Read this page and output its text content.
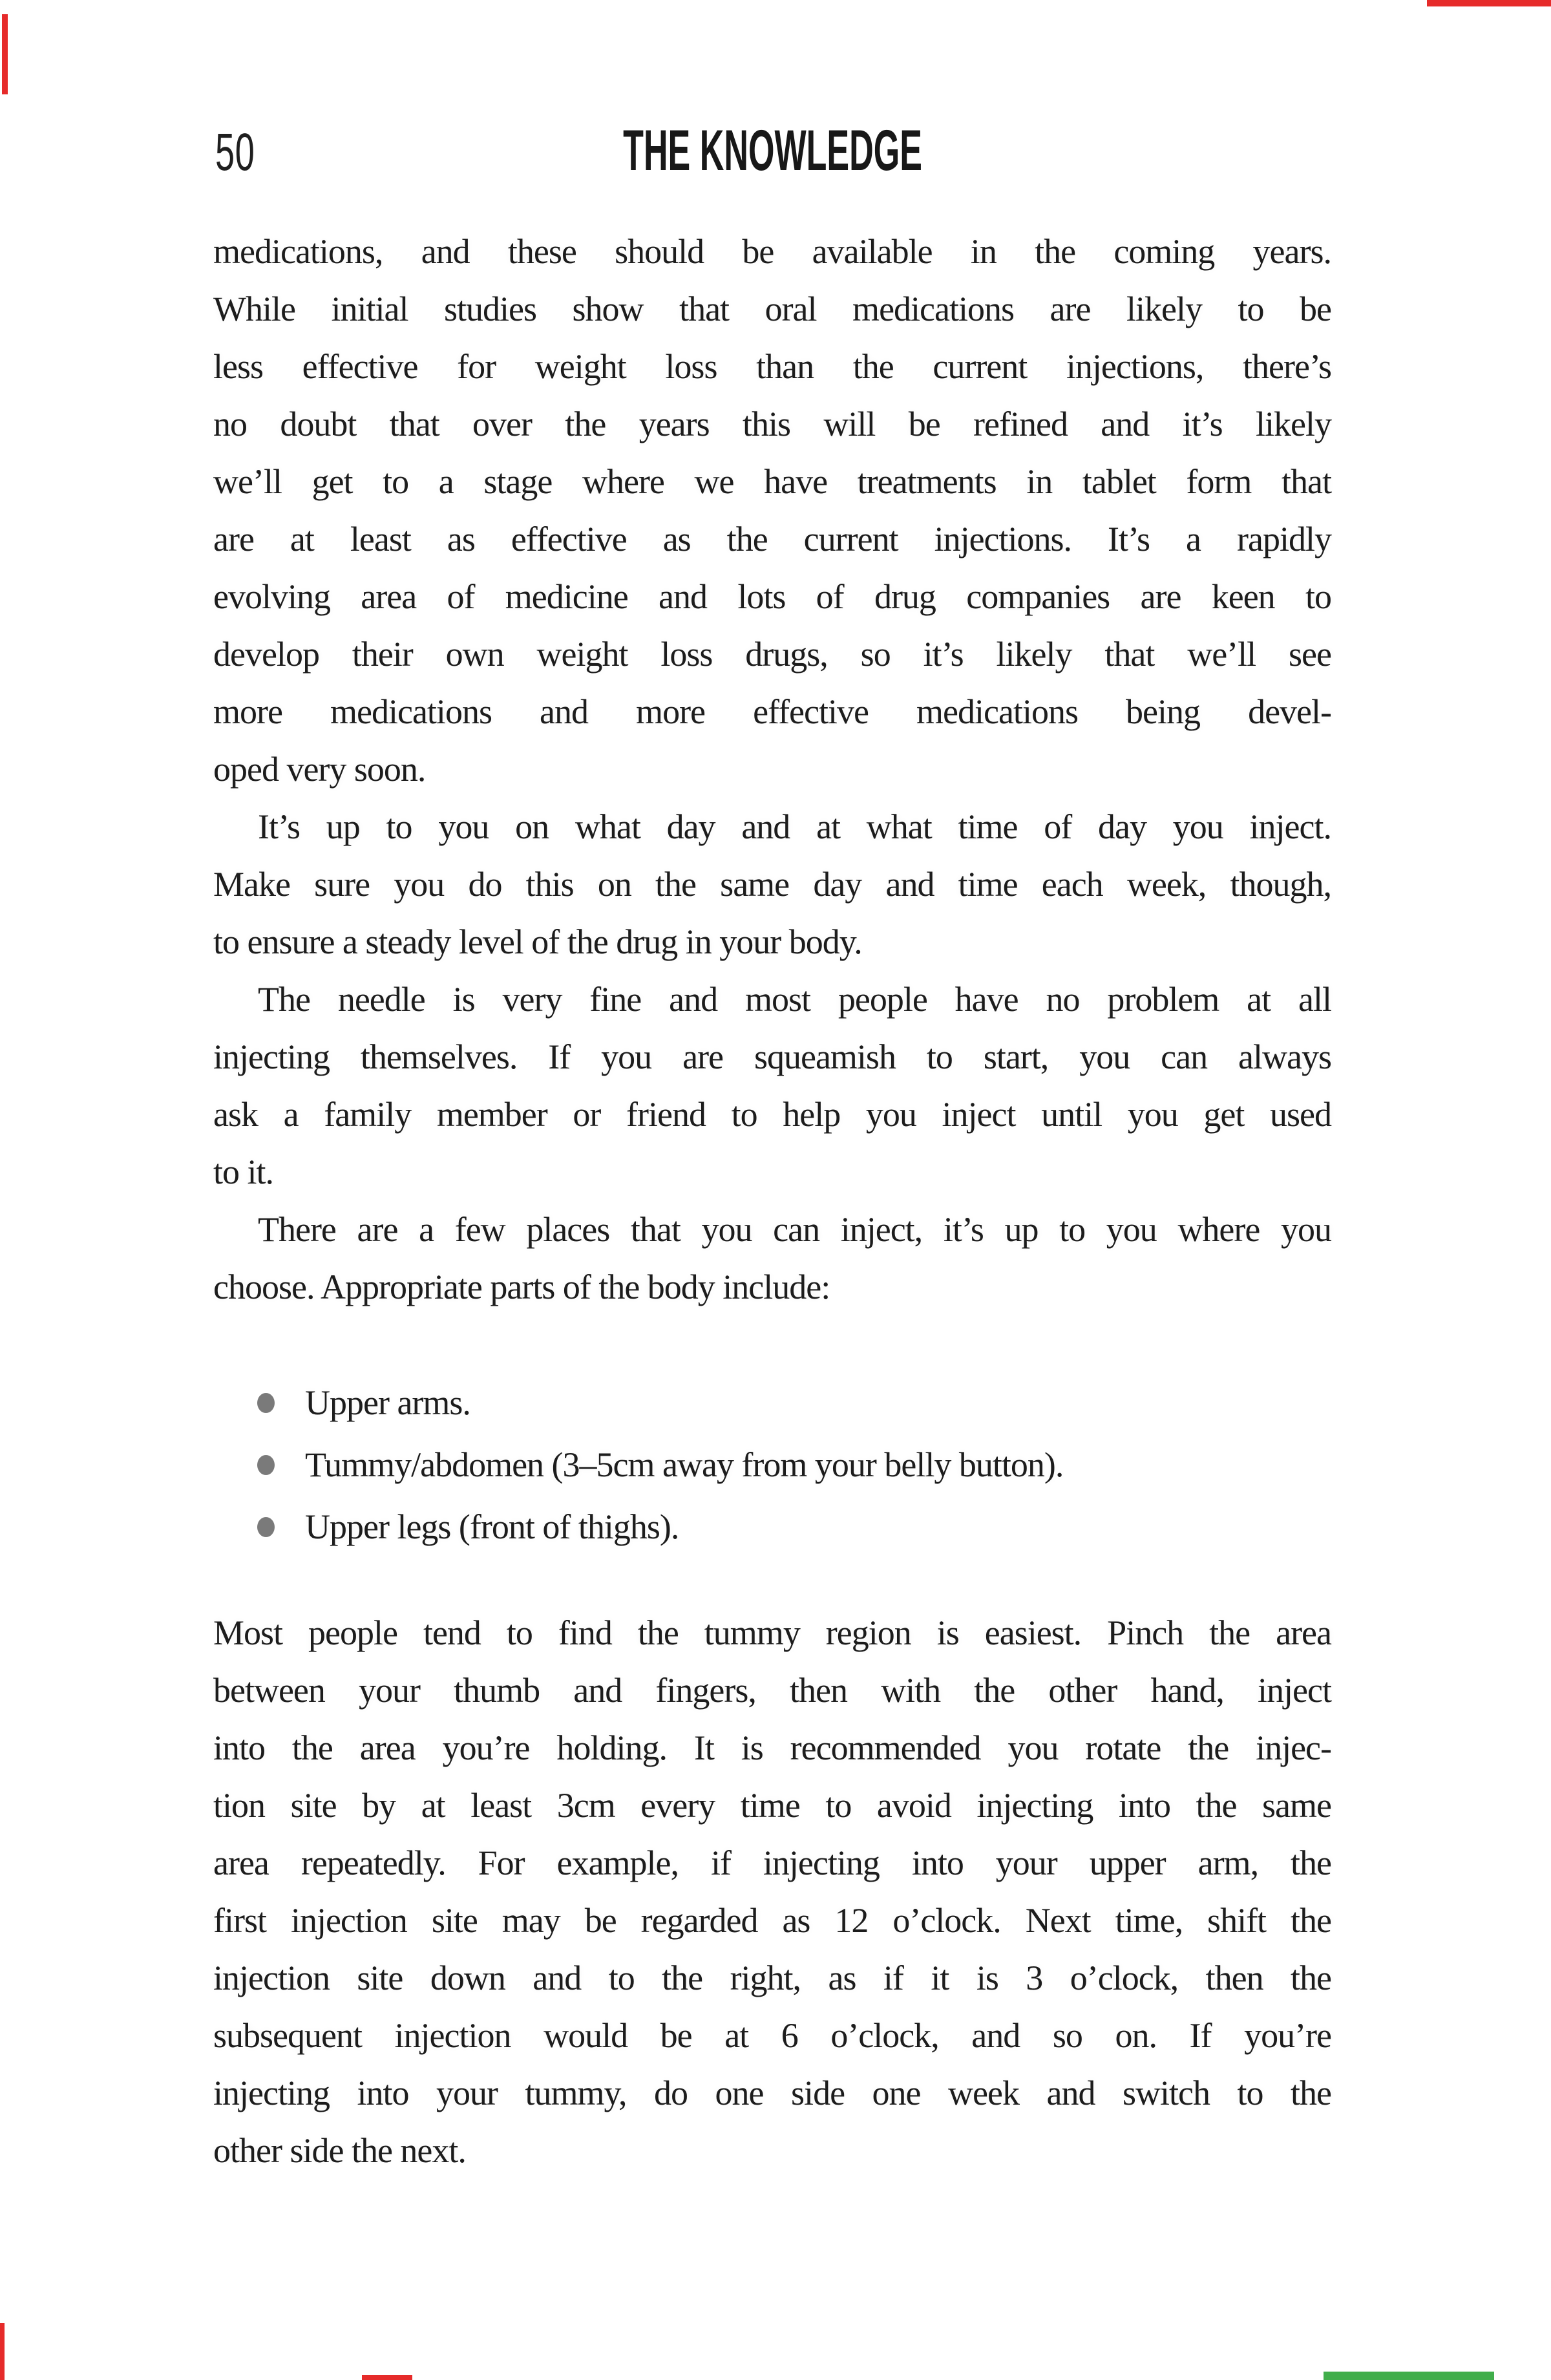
50	THE KNOWLEDGE
medications, and these should be available in the coming years.
While initial studies show that oral medications are likely to be
less effective for weight loss than the current injections, there’s
no doubt that over the years this will be refined and it’s likely
we’ll get to a stage where we have treatments in tablet form that
are at least as effective as the current injections. It’s a rapidly
evolving area of medicine and lots of drug companies are keen to
develop their own weight loss drugs, so it’s likely that we’ll see
more medications and more effective medications being devel-
oped very soon.
It’s up to you on what day and at what time of day you inject.
Make sure you do this on the same day and time each week, though,
to ensure a steady level of the drug in your body.
The needle is very fine and most people have no problem at all
injecting themselves. If you are squeamish to start, you can always
ask a family member or friend to help you inject until you get used
to it.
There are a few places that you can inject, it’s up to you where you
choose. Appropriate parts of the body include:
Upper arms.
Tummy/abdomen (3–5cm away from your belly button).
Upper legs (front of thighs).
Most people tend to find the tummy region is easiest. Pinch the area
between your thumb and fingers, then with the other hand, inject
into the area you’re holding. It is recommended you rotate the injec-
tion site by at least 3cm every time to avoid injecting into the same
area repeatedly. For example, if injecting into your upper arm, the
first injection site may be regarded as 12 o’clock. Next time, shift the
injection site down and to the right, as if it is 3 o’clock, then the
subsequent injection would be at 6 o’clock, and so on. If you’re
injecting into your tummy, do one side one week and switch to the
other side the next.
